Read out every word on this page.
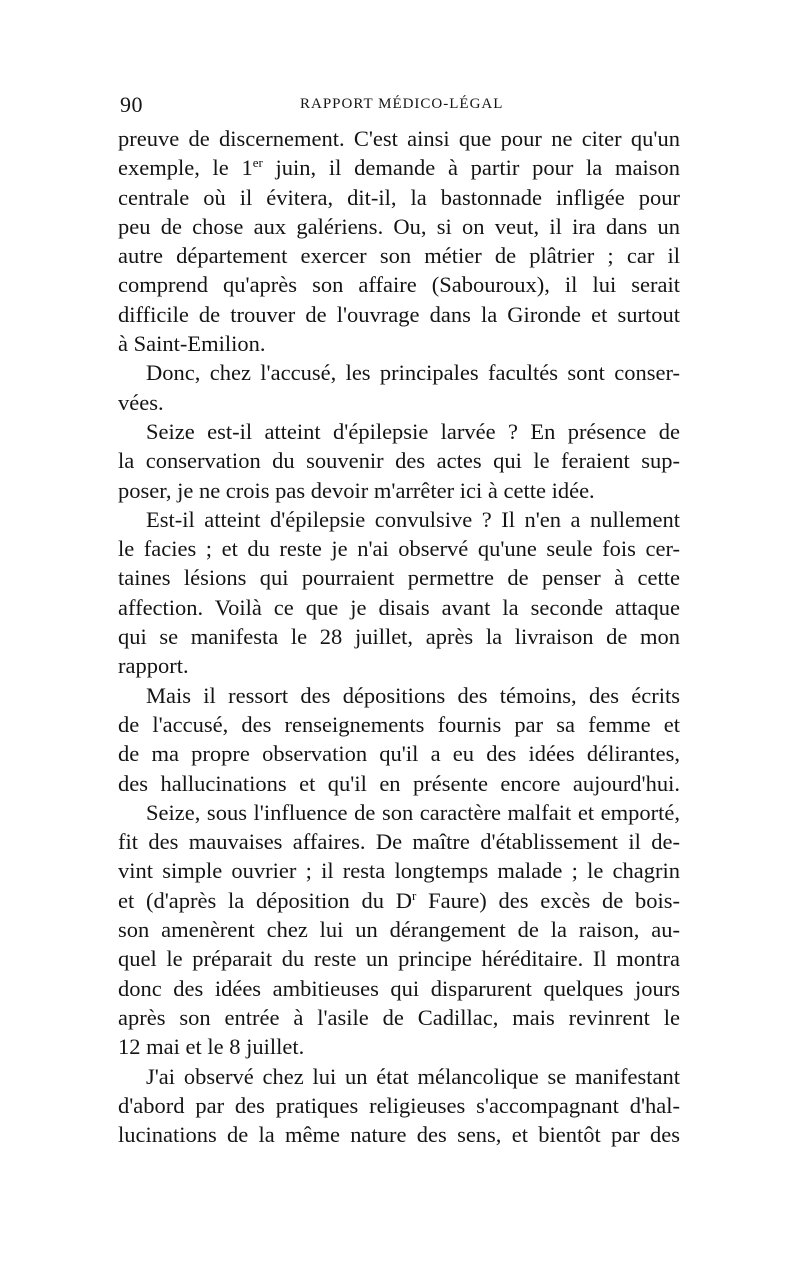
90	RAPPORT MÉDICO-LÉGAL
preuve de discernement. C'est ainsi que pour ne citer qu'un
exemple, le 1er juin, il demande à partir pour la maison
centrale où il évitera, dit-il, la bastonnade infligée pour
peu de chose aux galériens. Ou, si on veut, il ira dans un
autre département exercer son métier de plâtrier ; car il
comprend qu'après son affaire (Sabouroux), il lui serait
difficile de trouver de l'ouvrage dans la Gironde et surtout
à Saint-Emilion.
Donc, chez l'accusé, les principales facultés sont conser-
vées.
Seize est-il atteint d'épilepsie larvée ? En présence de
la conservation du souvenir des actes qui le feraient sup-
poser, je ne crois pas devoir m'arrêter ici à cette idée.
Est-il atteint d'épilepsie convulsive ? Il n'en a nullement
le facies ; et du reste je n'ai observé qu'une seule fois cer-
taines lésions qui pourraient permettre de penser à cette
affection. Voilà ce que je disais avant la seconde attaque
qui se manifesta le 28 juillet, après la livraison de mon
rapport.
Mais il ressort des dépositions des témoins, des écrits
de l'accusé, des renseignements fournis par sa femme et
de ma propre observation qu'il a eu des idées délirantes,
des hallucinations et qu'il en présente encore aujourd'hui.
Seize, sous l'influence de son caractère malfait et emporté,
fit des mauvaises affaires. De maître d'établissement il de-
vint simple ouvrier ; il resta longtemps malade ; le chagrin
et (d'après la déposition du $D^r$ Faure) des excès de bois-
son amenèrent chez lui un dérangement de la raison, au-
quel le préparait du reste un principe héréditaire. Il montra
donc des idées ambitieuses qui disparurent quelques jours
après son entrée à l'asile de Cadillac, mais revinrent le
12 mai et le 8 juillet.
J'ai observé chez lui un état mélancolique se manifestant
d'abord par des pratiques religieuses s'accompagnant d'hal-
lucinations de la même nature des sens, et bientôt par des
